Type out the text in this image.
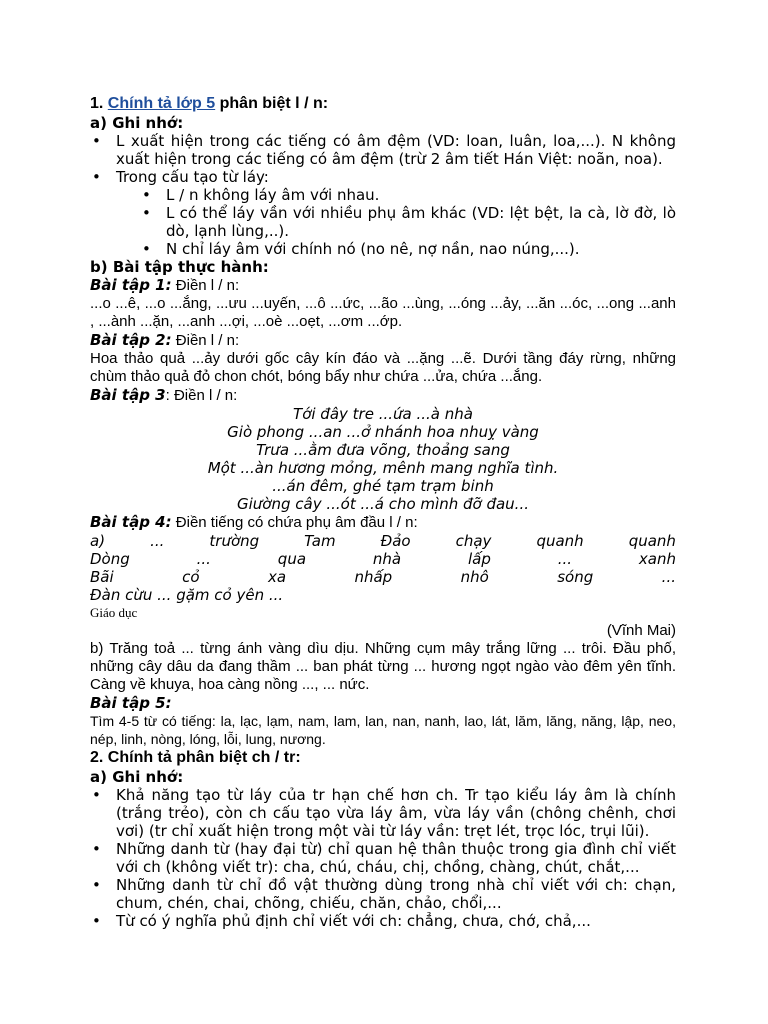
1. Chính tả lớp 5 phân biệt l / n:
a) Ghi nhớ:
• L xuất hiện trong các tiếng có âm đệm (VD: loan, luân, loa,...). N không xuất hiện trong các tiếng có âm đệm (trừ 2 âm tiết Hán Việt: noãn, noa).
• Trong cấu tạo từ láy:
• L / n không láy âm với nhau.
• L có thể láy vần với nhiều phụ âm khác (VD: lệt bệt, la cà, lờ đờ, lò dò, lạnh lùng,..).
• N chỉ láy âm với chính nó (no nê, nợ nần, nao núng,...).
b) Bài tập thực hành:
Bài tập 1: Điền l / n:
...o ...ê, ...o ...ắng, ...ưu ...uyến, ...ô ...ức, ...ão ...ùng, ...óng ...ảy, ...ăn ...óc, ...ong ...anh , ...ành ...ặn, ...anh ...ợi, ...oè ...oẹt, ...ơm ...ớp.
Bài tập 2: Điền l / n:
Hoa thảo quả ...ảy dưới gốc cây kín đáo và ...ặng ...ẽ. Dưới tầng đáy rừng, những chùm thảo quả đỏ chon chót, bóng bẩy như chứa ...ửa, chứa ...ắng.
Bài tập 3: Điền l / n:
Tới đây tre ...ứa ...à nhà
Giò phong ...an ...ở nhánh hoa nhuỵ vàng
Trưa ...ằm đưa võng, thoảng sang
Một ...àn hương mỏng, mênh mang nghĩa tình.
...án đêm, ghé tạm trạm binh
Giường cây ...ót ...á cho mình đỡ đau...
Bài tập 4: Điền tiếng có chứa phụ âm đầu l / n:
a)	...	trường	Tam	Đảo	chạy	quanh	quanh
Dòng	...	qua	nhà	lấp	...	xanh
Bãi	cỏ	xa	nhấp	nhô	sóng	...
Đàn cừu ... gặm cỏ yên ...
Giáo dục
(Vĩnh Mai)
b) Trăng toả ... từng ánh vàng dìu dịu. Những cụm mây trắng lững ... trôi. Đầu phố, những cây dâu da đang thầm ... ban phát từng ... hương ngọt ngào vào đêm yên tĩnh. Càng về khuya, hoa càng nồng ..., ... nức.
Bài tập 5:
Tìm 4-5 từ có tiếng: la, lạc, lạm, nam, lam, lan, nan, nanh, lao, lát, lăm, lăng, năng, lập, neo, nép, linh, nòng, lóng, lỗi, lung, nương.
2. Chính tả phân biệt ch / tr:
a) Ghi nhớ:
• Khả năng tạo từ láy của tr hạn chế hơn ch. Tr tạo kiểu láy âm là chính (trắng trẻo), còn ch cấu tạo vừa láy âm, vừa láy vần (chông chênh, chơi vơi) (tr chỉ xuất hiện trong một vài từ láy vần: trẹt lét, trọc lóc, trụi lũi).
• Những danh từ (hay đại từ) chỉ quan hệ thân thuộc trong gia đình chỉ viết với ch (không viết tr): cha, chú, cháu, chị, chồng, chàng, chút, chắt,...
• Những danh từ chỉ đồ vật thường dùng trong nhà chỉ viết với ch: chạn, chum, chén, chai, chõng, chiếu, chăn, chảo, chổi,...
• Từ có ý nghĩa phủ định chỉ viết với ch: chẳng, chưa, chớ, chả,...
